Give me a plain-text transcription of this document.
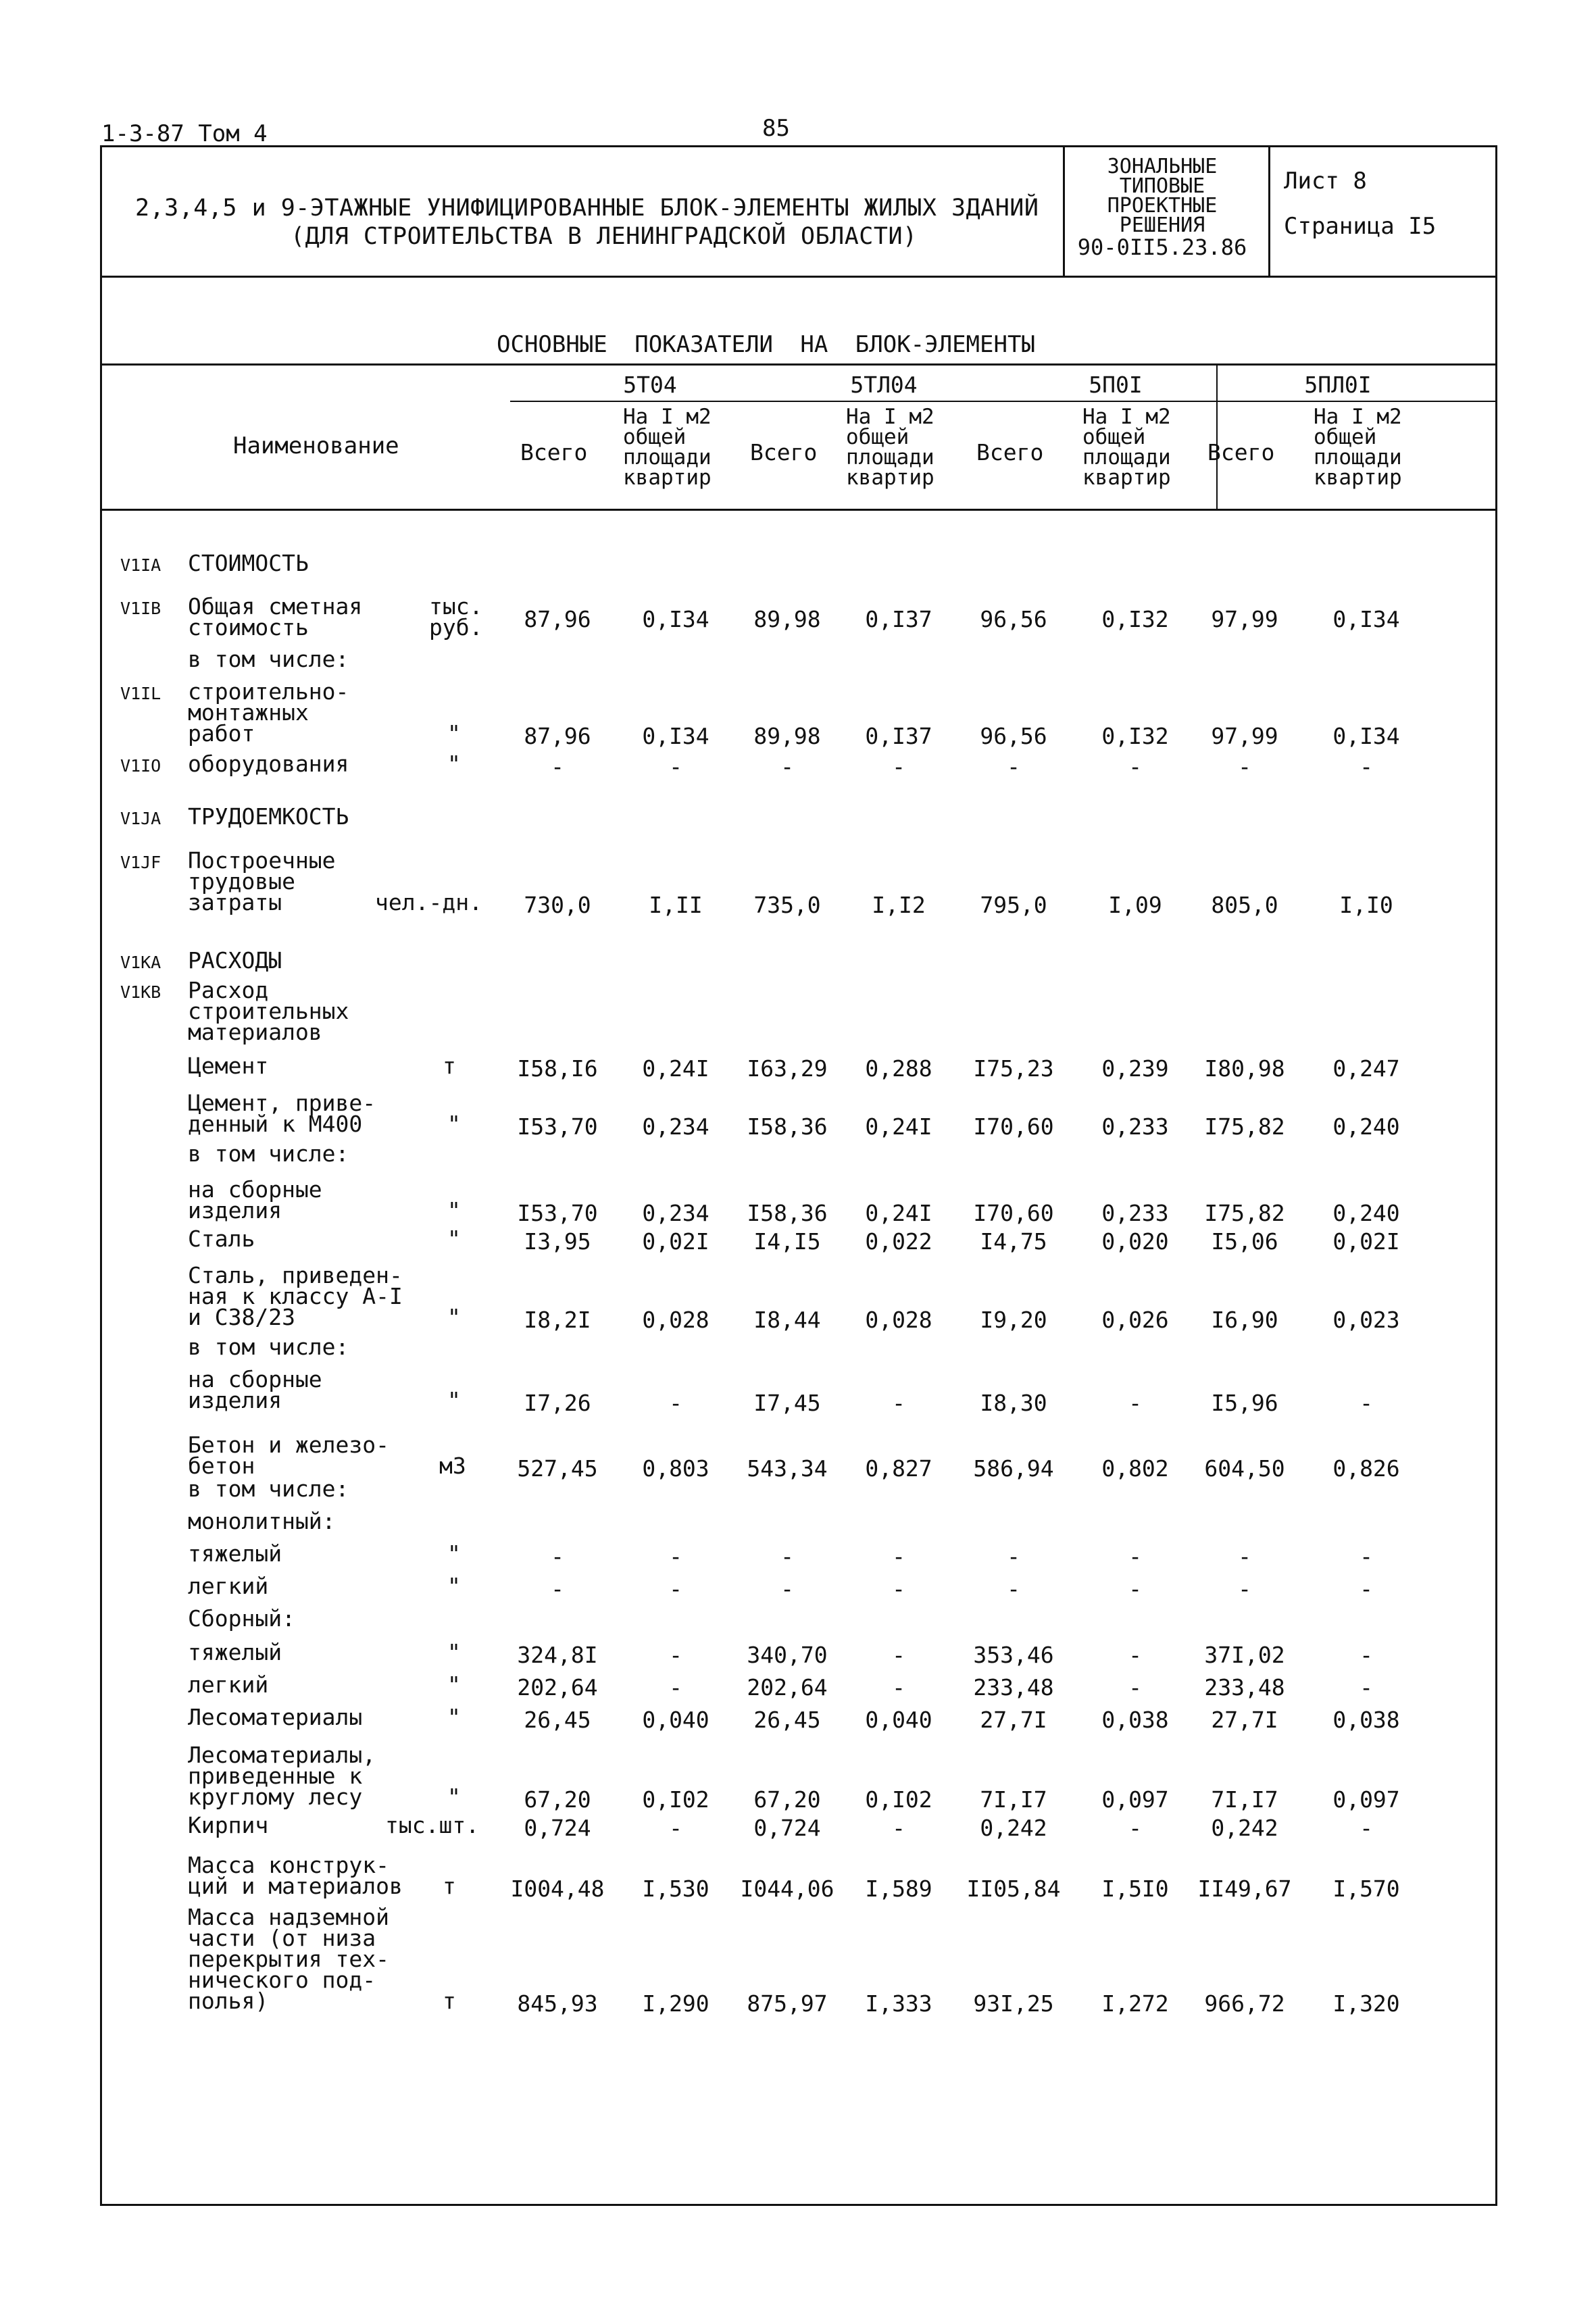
1-3-87 Том 4	85
2,3,4,5 и 9-ЭТАЖНЫЕ УНИФИЦИРОВАННЫЕ БЛОК-ЭЛЕМЕНТЫ ЖИЛЫХ ЗДАНИЙ
(ДЛЯ СТРОИТЕЛЬСТВА В ЛЕНИНГРАДСКОЙ ОБЛАСТИ)
ЗОНАЛЬНЫЕ
ТИПОВЫЕ
ПРОЕКТНЫЕ
РЕШЕНИЯ
90-0II5.23.86
Лист 8
Страница I5
ОСНОВНЫЕ ПОКАЗАТЕЛИ НА БЛОК-ЭЛЕМЕНТЫ
Наименование
5Т04	5ТЛ04	5П0I	5ПЛ0I
Всего
На I м2
общей
площади
квартир
Всего
На I м2
общей
площади
квартир
Всего
На I м2
общей
площади
квартир
Всего
На I м2
общей
площади
квартир
V1IA СТОИМОСТЬ
V1IB Общая сметная
стоимость
тыс. руб.	87,96	0,I34	89,98	0,I37	96,56	0,I32	97,99	0,I34
в том числе:
V1IL строительно-
монтажных
работ	"	87,96	0,I34	89,98	0,I37	96,56	0,I32	97,99	0,I34
V1IO оборудования	"	-	-	-	-	-	-	-	-
V1JA ТРУДОЕМКОСТЬ
V1JF Построечные
трудовые
затраты	чел.-дн.	730,0	I,II	735,0	I,I2	795,0	I,09	805,0	I,I0
V1KA РАСХОДЫ
V1KB Расход
строительных
материалов
Цемент	т	I58,I6	0,24I	I63,29	0,288	I75,23	0,239	I80,98	0,247
Цемент, приве-
денный к М400	"	I53,70	0,234	I58,36	0,24I	I70,60	0,233	I75,82	0,240
в том числе:
на сборные
изделия	"	I53,70	0,234	I58,36	0,24I	I70,60	0,233	I75,82	0,240
Сталь	"	I3,95	0,02I	I4,I5	0,022	I4,75	0,020	I5,06	0,02I
Сталь, приведен-
ная к классу А-I
и С38/23	"	I8,2I	0,028	I8,44	0,028	I9,20	0,026	I6,90	0,023
в том числе:
на сборные
изделия	"	I7,26	-	I7,45	-	I8,30	-	I5,96	-
Бетон и железо-
бетон	м3	527,45	0,803	543,34	0,827	586,94	0,802	604,50	0,826
в том числе:
монолитный:
тяжелый	"	-	-	-	-	-	-	-	-
легкий	"	-	-	-	-	-	-	-	-
Сборный:
тяжелый	"	324,8I	-	340,70	-	353,46	-	37I,02	-
легкий	"	202,64	-	202,64	-	233,48	-	233,48	-
Лесоматериалы	"	26,45	0,040	26,45	0,040	27,7I	0,038	27,7I	0,038
Лесоматериалы,
приведенные к
круглому лесу	"	67,20	0,I02	67,20	0,I02	7I,I7	0,097	7I,I7	0,097
Кирпич	тыс.шт.	0,724	-	0,724	-	0,242	-	0,242	-
Масса конструк-
ций и материалов т	I004,48	I,530	I044,06	I,589	II05,84	I,5I0	II49,67	I,570
Масса надземной
части (от низа
перекрытия тех-
нического под-
полья)	т	845,93	I,290	875,97	I,333	93I,25	I,272	966,72	I,320
